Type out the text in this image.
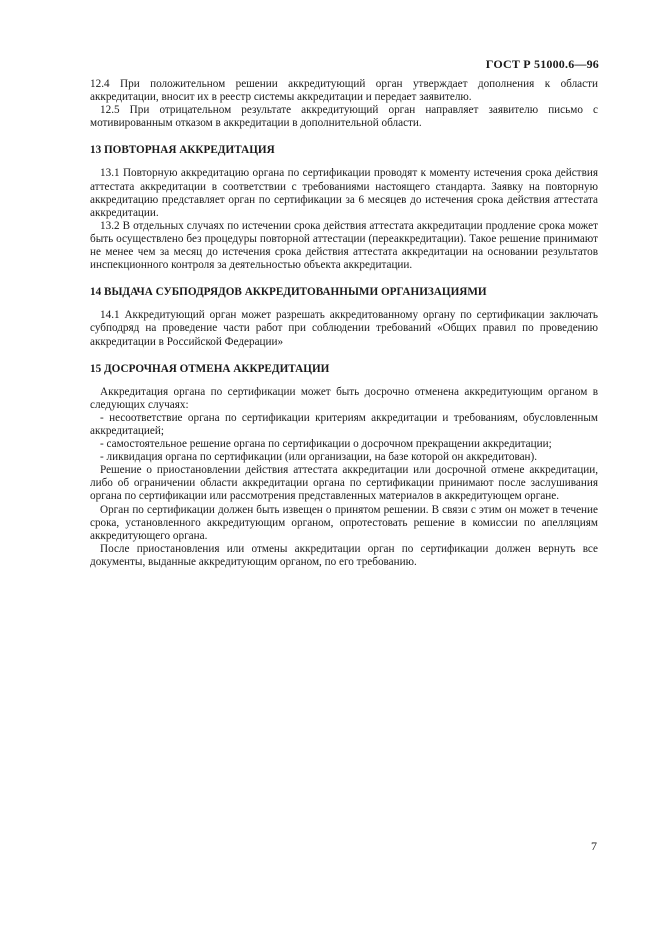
ГОСТ Р 51000.6—96

12.4 При положительном решении аккредитующий орган утверждает дополнения к области аккредитации, вносит их в реестр системы аккредитации и передает заявителю.

12.5 При отрицательном результате аккредитующий орган направляет заявителю письмо с мотивированным отказом в аккредитации в дополнительной области.

13 ПОВТОРНАЯ АККРЕДИТАЦИЯ

13.1 Повторную аккредитацию органа по сертификации проводят к моменту истечения срока действия аттестата аккредитации в соответствии с требованиями настоящего стандарта. Заявку на повторную аккредитацию представляет орган по сертификации за 6 месяцев до истечения срока действия аттестата аккредитации.

13.2 В отдельных случаях по истечении срока действия аттестата аккредитации продление срока может быть осуществлено без процедуры повторной аттестации (переаккредитации). Такое решение принимают не менее чем за месяц до истечения срока действия аттестата аккредитации на основании результатов инспекционного контроля за деятельностью объекта аккредитации.

14 ВЫДАЧА СУБПОДРЯДОВ АККРЕДИТОВАННЫМИ ОРГАНИЗАЦИЯМИ

14.1 Аккредитующий орган может разрешать аккредитованному органу по сертификации заключать субподряд на проведение части работ при соблюдении требований «Общих правил по проведению аккредитации в Российской Федерации»

15 ДОСРОЧНАЯ ОТМЕНА АККРЕДИТАЦИИ

Аккредитация органа по сертификации может быть досрочно отменена аккредитующим органом в следующих случаях:

- несоответствие органа по сертификации критериям аккредитации и требованиям, обусловленным аккредитацией;

- самостоятельное решение органа по сертификации о досрочном прекращении аккредитации;

- ликвидация органа по сертификации (или организации, на базе которой он аккредитован).

Решение о приостановлении действия аттестата аккредитации или досрочной отмене аккредитации, либо об ограничении области аккредитации органа по сертификации принимают после заслушивания органа по сертификации или рассмотрения представленных материалов в аккредитующем органе.

Орган по сертификации должен быть извещен о принятом решении. В связи с этим он может в течение срока, установленного аккредитующим органом, опротестовать решение в комиссии по апелляциям аккредитующего органа.

После приостановления или отмены аккредитации орган по сертификации должен вернуть все документы, выданные аккредитующим органом, по его требованию.

7
